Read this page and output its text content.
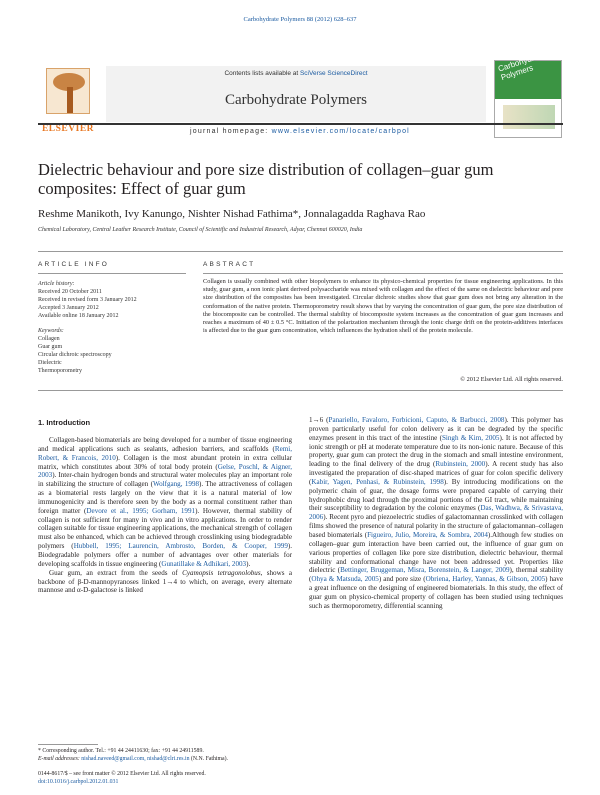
Carbohydrate Polymers 88 (2012) 628–637
ELSEVIER
Contents lists available at SciVerse ScienceDirect
Carbohydrate Polymers
Carbohydrate Polymers
journal homepage: www.elsevier.com/locate/carbpol
Dielectric behaviour and pore size distribution of collagen–guar gum composites: Effect of guar gum
Reshme Manikoth, Ivy Kanungo, Nishter Nishad Fathima*, Jonnalagadda Raghava Rao
Chemical Laboratory, Central Leather Research Institute, Council of Scientific and Industrial Research, Adyar, Chennai 600020, India
ARTICLE INFO	ABSTRACT
Article history:
Received 20 October 2011
Received in revised form 3 January 2012
Accepted 3 January 2012
Available online 18 January 2012
Keywords:
Collagen
Guar gum
Circular dichroic spectroscopy
Dielectric
Thermoporometry
Collagen is usually combined with other biopolymers to enhance its physico-chemical properties for tissue engineering applications. In this study, guar gum, a non ionic plant derived polysaccharide was mixed with collagen and the effect of the same on dielectric behaviour and pore size distribution of the composites has been investigated. Circular dichroic studies show that guar gum does not bring any alteration in the conformation of the native protein. Thermoporometry result shows that by varying the concentration of guar gum, the pore size distribution of the biocomposite can be controlled. The thermal stability of biocomposite system increases as the concentration of guar gum increases and reaches a maximum of 40 ± 0.5 °C. Initiation of the polarization mechanism through the ionic charge drift on the protein-additives interfaces is affected due to the guar gum concentration, which influences the hydration shell of the protein molecule.
© 2012 Elsevier Ltd. All rights reserved.
1. Introduction

Collagen-based biomaterials are being developed for a number of tissue engineering and medical applications such as sealants, adhesion barriers, and scaffolds (Remi, Robert, & Francois, 2010). Collagen is the most abundant protein in extra cellular matrix, which constitutes about 30% of total body protein (Gelse, Poschl, & Aigner, 2003). Inter-chain hydrogen bonds and structural water molecules play an important role in stabilizing the structure of collagen (Wolfgang, 1998). The attractiveness of collagen as a biomaterial rests largely on the view that it is a natural material of low immunogenicity and is therefore seen by the body as a normal constituent rather than foreign matter (Devore et al., 1995; Gorham, 1991). However, thermal stability of collagen is not sufficient for many in vivo and in vitro applications. In order to render collagen suitable for tissue engineering applications, the mechanical strength of collagen must also be enhanced, which can be achieved through crosslinking using biodegradable polymers (Hubbell, 1995; Laurencin, Ambrosto, Borden, & Cooper, 1999). Biodegradable polymers offer a number of advantages over other materials for developing scaffolds in tissue engineering (Gunatillake & Adhikari, 2003).

Guar gum, an extract from the seeds of Cyamopsis tetragonolobus, shows a backbone of β-D-mannopyranoses linked 1→4 to which, on average, every alternate mannose and α-D-galactose is linked

1→6 (Panariello, Favaloro, Forbicioni, Caputo, & Barbucci, 2008). This polymer has proven particularly useful for colon delivery as it can be degraded by the specific enzymes present in this tract of the intestine (Singh & Kim, 2005). It is not affected by ionic strength or pH at moderate temperature due to its non-ionic nature. Because of this property, guar gum can protect the drug in the stomach and small intestine environment, leading to the final delivery of the drug (Rubinstein, 2000). A recent study has also investigated the preparation of disc-shaped matrices of guar for colon specific delivery (Kabir, Yagen, Penhasi, & Rubinstein, 1998). By introducing modifications on the polymeric chain of guar, the dosage forms were prepared capable of carrying their hydrophobic drug load through the proximal portions of the GI tract, while maintaining their susceptibility to degradation by the colonic enzymes (Das, Wadhwa, & Srivastava, 2006). Recent pyro and piezoelectric studies of galactomannan crosslinked with collagen films showed the presence of natural polarity in the structure of galactomannan–collagen based biomaterials (Figueiro, Julio, Moreira, & Sombra, 2004).Although few studies on collagen–guar gum interaction have been carried out, the influence of guar gum on various properties of collagen like pore size distribution, dielectric behaviour, thermal stability and conformational change have not been addressed yet. Properties like dielectric (Bettinger, Bruggeman, Misra, Borenstein, & Langer, 2009), thermal stability (Ohya & Matsuda, 2005) and pore size (Obriena, Harley, Yannas, & Gibson, 2005) have a great influence on the designing of engineered biomaterials. In this study, the effect of guar gum on physico-chemical property of collagen has been studied using techniques such as thermoporometry, differential scanning

* Corresponding author. Tel.: +91 44 24411630; fax: +91 44 24911589.
E-mail addresses: nishad.naveed@gmail.com, nishad@clri.res.in (N.N. Fathima).
0144-8617/$ – see front matter © 2012 Elsevier Ltd. All rights reserved.
doi:10.1016/j.carbpol.2012.01.031
